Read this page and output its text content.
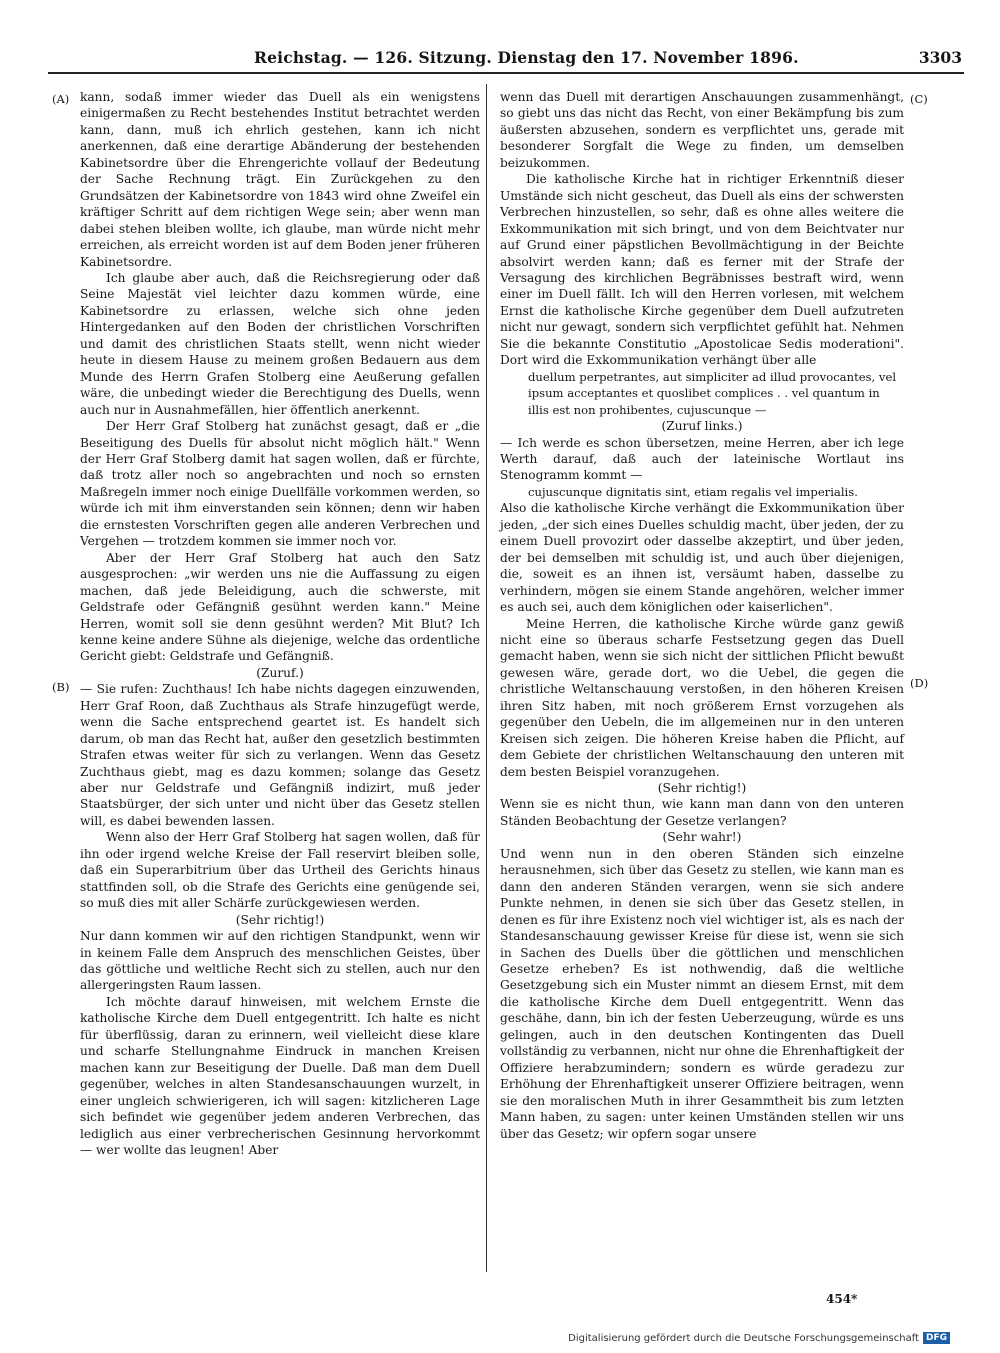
Reichstag. — 126. Sitzung. Dienstag den 17. November 1896.	3303
(A)
(B)
(C)
(D)

kann, sodaß immer wieder das Duell als ein wenigstens einigermaßen zu Recht bestehendes Institut betrachtet werden kann, dann, muß ich ehrlich gestehen, kann ich nicht anerkennen, daß eine derartige Abänderung der bestehenden Kabinetsordre über die Ehrengerichte vollauf der Bedeutung der Sache Rechnung trägt. Ein Zurückgehen zu den Grundsätzen der Kabinetsordre von 1843 wird ohne Zweifel ein kräftiger Schritt auf dem richtigen Wege sein; aber wenn man dabei stehen bleiben wollte, ich glaube, man würde nicht mehr erreichen, als erreicht worden ist auf dem Boden jener früheren Kabinetsordre.

Ich glaube aber auch, daß die Reichsregierung oder daß Seine Majestät viel leichter dazu kommen würde, eine Kabinetsordre zu erlassen, welche sich ohne jeden Hintergedanken auf den Boden der christlichen Vorschriften und damit des christlichen Staats stellt, wenn nicht wieder heute in diesem Hause zu meinem großen Bedauern aus dem Munde des Herrn Grafen Stolberg eine Aeußerung gefallen wäre, die unbedingt wieder die Berechtigung des Duells, wenn auch nur in Ausnahmefällen, hier öffentlich anerkennt.

Der Herr Graf Stolberg hat zunächst gesagt, daß er „die Beseitigung des Duells für absolut nicht möglich hält." Wenn der Herr Graf Stolberg damit hat sagen wollen, daß er fürchte, daß trotz aller noch so angebrachten und noch so ernsten Maßregeln immer noch einige Duellfälle vorkommen werden, so würde ich mit ihm einverstanden sein können; denn wir haben die ernstesten Vorschriften gegen alle anderen Verbrechen und Vergehen — trotzdem kommen sie immer noch vor.

Aber der Herr Graf Stolberg hat auch den Satz ausgesprochen: „wir werden uns nie die Auffassung zu eigen machen, daß jede Beleidigung, auch die schwerste, mit Geldstrafe oder Gefängniß gesühnt werden kann." Meine Herren, womit soll sie denn gesühnt werden? Mit Blut? Ich kenne keine andere Sühne als diejenige, welche das ordentliche Gericht giebt: Geldstrafe und Gefängniß.

(Zuruf.)

— Sie rufen: Zuchthaus! Ich habe nichts dagegen einzuwenden, Herr Graf Roon, daß Zuchthaus als Strafe hinzugefügt werde, wenn die Sache entsprechend geartet ist. Es handelt sich darum, ob man das Recht hat, außer den gesetzlich bestimmten Strafen etwas weiter für sich zu verlangen. Wenn das Gesetz Zuchthaus giebt, mag es dazu kommen; solange das Gesetz aber nur Geldstrafe und Gefängniß indizirt, muß jeder Staatsbürger, der sich unter und nicht über das Gesetz stellen will, es dabei bewenden lassen.

Wenn also der Herr Graf Stolberg hat sagen wollen, daß für ihn oder irgend welche Kreise der Fall reservirt bleiben solle, daß ein Superarbitrium über das Urtheil des Gerichts hinaus stattfinden soll, ob die Strafe des Gerichts eine genügende sei, so muß dies mit aller Schärfe zurückgewiesen werden.

(Sehr richtig!)

Nur dann kommen wir auf den richtigen Standpunkt, wenn wir in keinem Falle dem Anspruch des menschlichen Geistes, über das göttliche und weltliche Recht sich zu stellen, auch nur den allergeringsten Raum lassen.

Ich möchte darauf hinweisen, mit welchem Ernste die katholische Kirche dem Duell entgegentritt. Ich halte es nicht für überflüssig, daran zu erinnern, weil vielleicht diese klare und scharfe Stellungnahme Eindruck in manchen Kreisen machen kann zur Beseitigung der Duelle. Daß man dem Duell gegenüber, welches in alten Standesanschauungen wurzelt, in einer ungleich schwierigeren, ich will sagen: kitzlicheren Lage sich befindet wie gegenüber jedem anderen Verbrechen, das lediglich aus einer verbrecherischen Gesinnung hervorkommt — wer wollte das leugnen! Aber

wenn das Duell mit derartigen Anschauungen zusammenhängt, so giebt uns das nicht das Recht, von einer Bekämpfung bis zum äußersten abzusehen, sondern es verpflichtet uns, gerade mit besonderer Sorgfalt die Wege zu finden, um demselben beizukommen.

Die katholische Kirche hat in richtiger Erkenntniß dieser Umstände sich nicht gescheut, das Duell als eins der schwersten Verbrechen hinzustellen, so sehr, daß es ohne alles weitere die Exkommunikation mit sich bringt, und von dem Beichtvater nur auf Grund einer päpstlichen Bevollmächtigung in der Beichte absolvirt werden kann; daß es ferner mit der Strafe der Versagung des kirchlichen Begräbnisses bestraft wird, wenn einer im Duell fällt. Ich will den Herren vorlesen, mit welchem Ernst die katholische Kirche gegenüber dem Duell aufzutreten nicht nur gewagt, sondern sich verpflichtet gefühlt hat. Nehmen Sie die bekannte Constitutio „Apostolicae Sedis moderationi". Dort wird die Exkommunikation verhängt über alle

duellum perpetrantes, aut simpliciter ad illud provocantes, vel ipsum acceptantes et quoslibet complices . . vel quantum in illis est non prohibentes, cujuscunque —

(Zuruf links.)

— Ich werde es schon übersetzen, meine Herren, aber ich lege Werth darauf, daß auch der lateinische Wortlaut ins Stenogramm kommt —

cujuscunque dignitatis sint, etiam regalis vel imperialis.

Also die katholische Kirche verhängt die Exkommunikation über jeden, „der sich eines Duelles schuldig macht, über jeden, der zu einem Duell provozirt oder dasselbe akzeptirt, und über jeden, der bei demselben mit schuldig ist, und auch über diejenigen, die, soweit es an ihnen ist, versäumt haben, dasselbe zu verhindern, mögen sie einem Stande angehören, welcher immer es auch sei, auch dem königlichen oder kaiserlichen".

Meine Herren, die katholische Kirche würde ganz gewiß nicht eine so überaus scharfe Festsetzung gegen das Duell gemacht haben, wenn sie sich nicht der sittlichen Pflicht bewußt gewesen wäre, gerade dort, wo die Uebel, die gegen die christliche Weltanschauung verstoßen, in den höheren Kreisen ihren Sitz haben, mit noch größerem Ernst vorzugehen als gegenüber den Uebeln, die im allgemeinen nur in den unteren Kreisen sich zeigen. Die höheren Kreise haben die Pflicht, auf dem Gebiete der christlichen Weltanschauung den unteren mit dem besten Beispiel voranzugehen.

(Sehr richtig!)

Wenn sie es nicht thun, wie kann man dann von den unteren Ständen Beobachtung der Gesetze verlangen?

(Sehr wahr!)

Und wenn nun in den oberen Ständen sich einzelne herausnehmen, sich über das Gesetz zu stellen, wie kann man es dann den anderen Ständen verargen, wenn sie sich andere Punkte nehmen, in denen sie sich über das Gesetz stellen, in denen es für ihre Existenz noch viel wichtiger ist, als es nach der Standesanschauung gewisser Kreise für diese ist, wenn sie sich in Sachen des Duells über die göttlichen und menschlichen Gesetze erheben? Es ist nothwendig, daß die weltliche Gesetzgebung sich ein Muster nimmt an diesem Ernst, mit dem die katholische Kirche dem Duell entgegentritt. Wenn das geschähe, dann, bin ich der festen Ueberzeugung, würde es uns gelingen, auch in den deutschen Kontingenten das Duell vollständig zu verbannen, nicht nur ohne die Ehrenhaftigkeit der Offiziere herabzumindern; sondern es würde geradezu zur Erhöhung der Ehrenhaftigkeit unserer Offiziere beitragen, wenn sie den moralischen Muth in ihrer Gesammtheit bis zum letzten Mann haben, zu sagen: unter keinen Umständen stellen wir uns über das Gesetz; wir opfern sogar unsere

454*
Digitalisierung gefördert durch die Deutsche Forschungsgemeinschaft DFG
